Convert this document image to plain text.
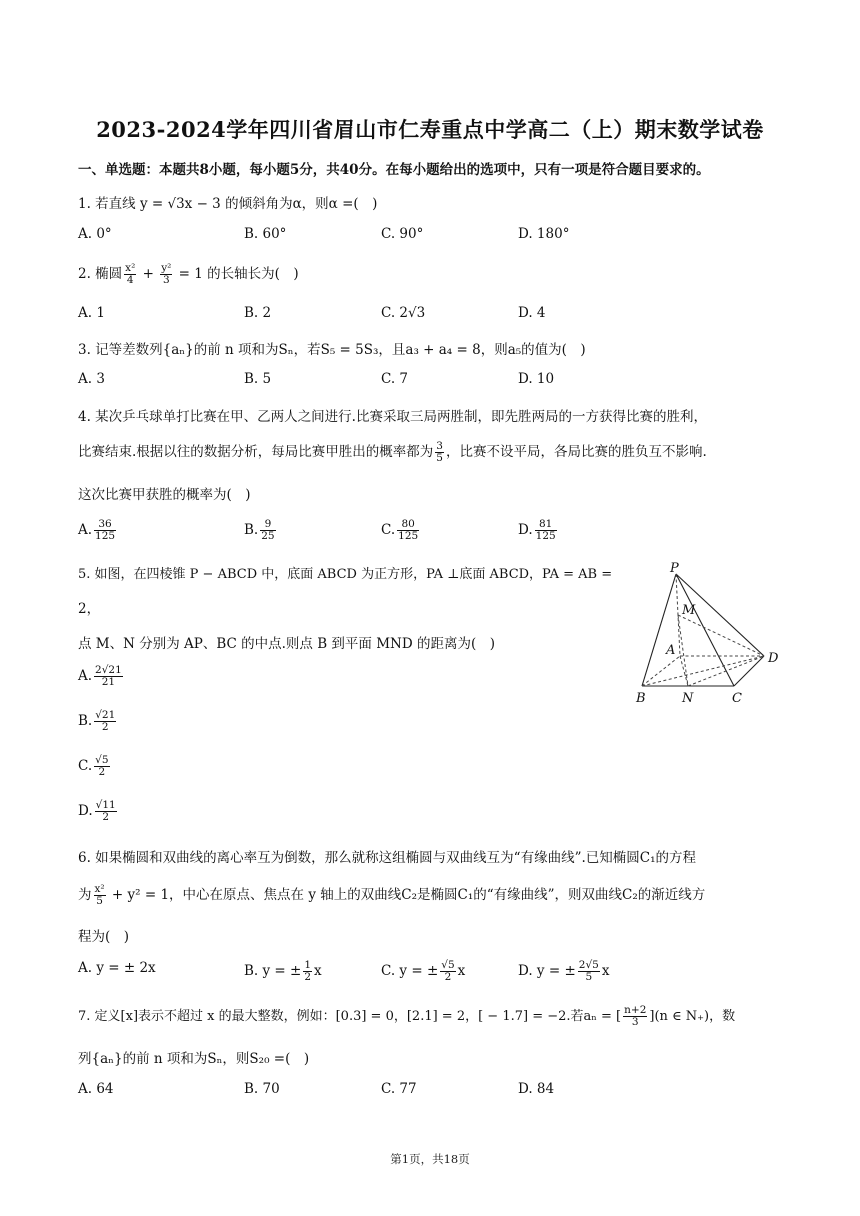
2023-2024学年四川省眉山市仁寿重点中学高二（上）期末数学试卷
一、单选题：本题共8小题，每小题5分，共40分。在每小题给出的选项中，只有一项是符合题目要求的。
1. 若直线 y = √3x − 3 的倾斜角为α，则α =(　)
A. 0°	B. 60°	C. 90°	D. 180°
2. 椭圆 $\frac{\text{x²}}{4} + \frac{\text{y²}}{3} = 1$ 的长轴长为(　)
A. 1	B. 2	C. 2√3	D. 4
3. 记等差数列{aₙ}的前 n 项和为Sₙ，若S₅ = 5S₃，且a₃ + a₄ = 8，则a₅的值为(　)
A. 3	B. 5	C. 7	D. 10
4. 某次乒乓球单打比赛在甲、乙两人之间进行.比赛采取三局两胜制，即先胜两局的一方获得比赛的胜利，
比赛结束.根据以往的数据分析，每局比赛甲胜出的概率都为 $\frac{3}{5}$ ，比赛不设平局，各局比赛的胜负互不影响.
这次比赛甲获胜的概率为(　)
A. $\frac{36}{125}$	B. $\frac{9}{25}$	C. $\frac{80}{125}$	D. $\frac{81}{125}$
5. 如图，在四棱锥 P − ABCD 中，底面 ABCD 为正方形，PA ⊥底面 ABCD，PA = AB =
2，
点 M、N 分别为 AP、BC 的中点.则点 B 到平面 MND 的距离为(　)
A. $\frac{2√21}{21}$
B. $\frac{√21}{2}$
C. $\frac{√5}{2}$
D. $\frac{√11}{2}$
P
M
A
D
B	N	C
6. 如果椭圆和双曲线的离心率互为倒数，那么就称这组椭圆与双曲线互为“有缘曲线”.已知椭圆C₁的方程
为 $\frac{\text{x²}}{5} + y^2 = 1$，中心在原点、焦点在 y 轴上的双曲线C₂是椭圆C₁的“有缘曲线”，则双曲线C₂的渐近线方
程为(　)
A. y = ± 2x	B. y = ± $\frac{1}{2}$ x	C. y = ± $\frac{√5}{2}$ x	D. y = ± $\frac{2√5}{5}$ x
7. 定义[x]表示不超过 x 的最大整数，例如：[0.3] = 0，[2.1] = 2，[ − 1.7] = −2.若aₙ = [ $\frac{n+2}{3} ](n$ ∈ N₊)，数
列{aₙ}的前 n 项和为Sₙ，则S₂₀ =(　)
A. 64	B. 70	C. 77	D. 84
第1页，共18页
